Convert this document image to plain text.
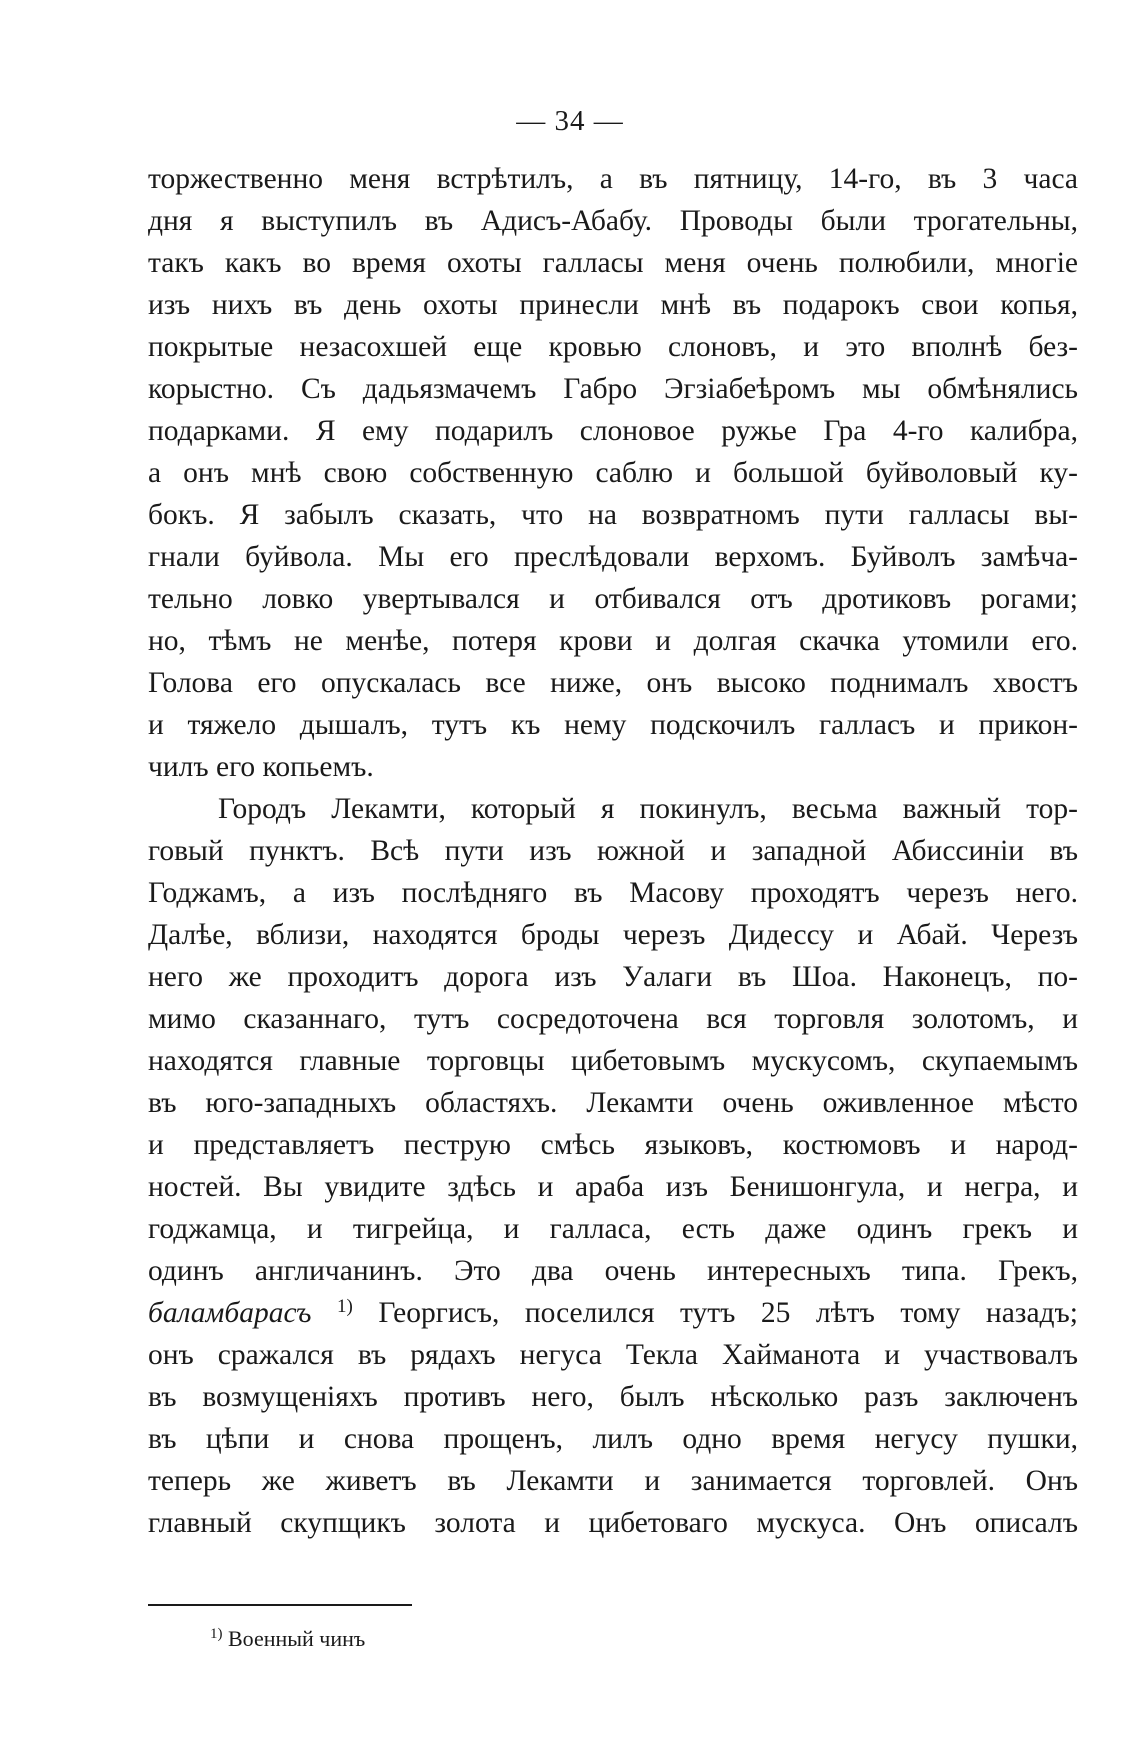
— 34 —
торжественно меня встрѣтилъ, а въ пятницу, 14-го, въ 3 часа
дня я выступилъ въ Адисъ-Абабу. Проводы были трогательны,
такъ какъ во время охоты галласы меня очень полюбили, многіе
изъ нихъ въ день охоты принесли мнѣ въ подарокъ свои копья,
покрытые незасохшей еще кровью слоновъ, и это вполнѣ без-
корыстно. Съ дадьязмачемъ Габро Эгзіабеѣромъ мы обмѣнялись
подарками. Я ему подарилъ слоновое ружье Гра 4-го калибра,
а онъ мнѣ свою собственную саблю и большой буйволовый ку-
бокъ. Я забылъ сказать, что на возвратномъ пути галласы вы-
гнали буйвола. Мы его преслѣдовали верхомъ. Буйволъ замѣча-
тельно ловко увертывался и отбивался отъ дротиковъ рогами;
но, тѣмъ не менѣе, потеря крови и долгая скачка утомили его.
Голова его опускалась все ниже, онъ высоко поднималъ хвостъ
и тяжело дышалъ, тутъ къ нему подскочилъ галласъ и прикон-
чилъ его копьемъ.
Городъ Лекамти, который я покинулъ, весьма важный тор-
говый пунктъ. Всѣ пути изъ южной и западной Абиссиніи въ
Годжамъ, а изъ послѣдняго въ Масову проходятъ черезъ него.
Далѣе, вблизи, находятся броды черезъ Дидессу и Абай. Черезъ
него же проходитъ дорога изъ Уалаги въ Шоа. Наконецъ, по-
мимо сказаннаго, тутъ сосредоточена вся торговля золотомъ, и
находятся главные торговцы цибетовымъ мускусомъ, скупаемымъ
въ юго-западныхъ областяхъ. Лекамти очень оживленное мѣсто
и представляетъ пеструю смѣсь языковъ, костюмовъ и народ-
ностей. Вы увидите здѣсь и араба изъ Бенишонгула, и негра, и
годжамца, и тигрейца, и галласа, есть даже одинъ грекъ и
одинъ англичанинъ. Это два очень интересныхъ типа. Грекъ,
баламбарасъ $^{1)}$ Георгисъ, поселился тутъ 25 лѣтъ тому назадъ;
онъ сражался въ рядахъ негуса Текла Хайманота и участвовалъ
въ возмущеніяхъ противъ него, былъ нѣсколько разъ заключенъ
въ цѣпи и снова прощенъ, лилъ одно время негусу пушки,
теперь же живетъ въ Лекамти и занимается торговлей. Онъ
главный скупщикъ золота и цибетоваго мускуса. Онъ описалъ
$^{1)}$ Военный чинъ
